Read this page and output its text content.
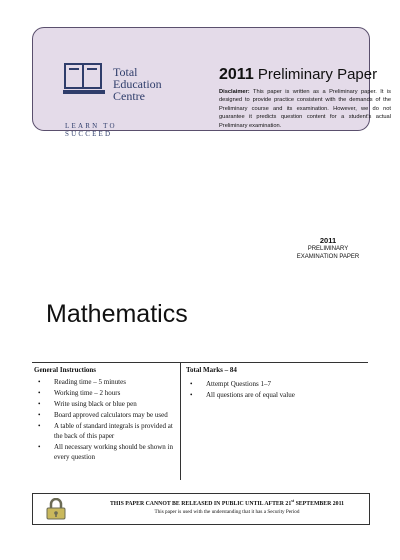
Total
Education
Centre
LEARN TO SUCCEED
2011 Preliminary Paper
Disclaimer: This paper is written as a Preliminary paper. It is designed to provide practice consistent with the demands of the Preliminary course and its examination. However, we do not guarantee it predicts question content for a student's actual Preliminary examination.
2011
PRELIMINARY
EXAMINATION PAPER
Mathematics
General Instructions
• Reading time – 5 minutes
• Working time – 2 hours
• Write using black or blue pen
• Board approved calculators may be used
• A table of standard integrals is provided at the back of this paper
• All necessary working should be shown in every question
Total Marks – 84
• Attempt Questions 1–7
• All questions are of equal value
THIS PAPER CANNOT BE RELEASED IN PUBLIC UNTIL AFTER 21st SEPTEMBER 2011
This paper is used with the understanding that it has a Security Period
